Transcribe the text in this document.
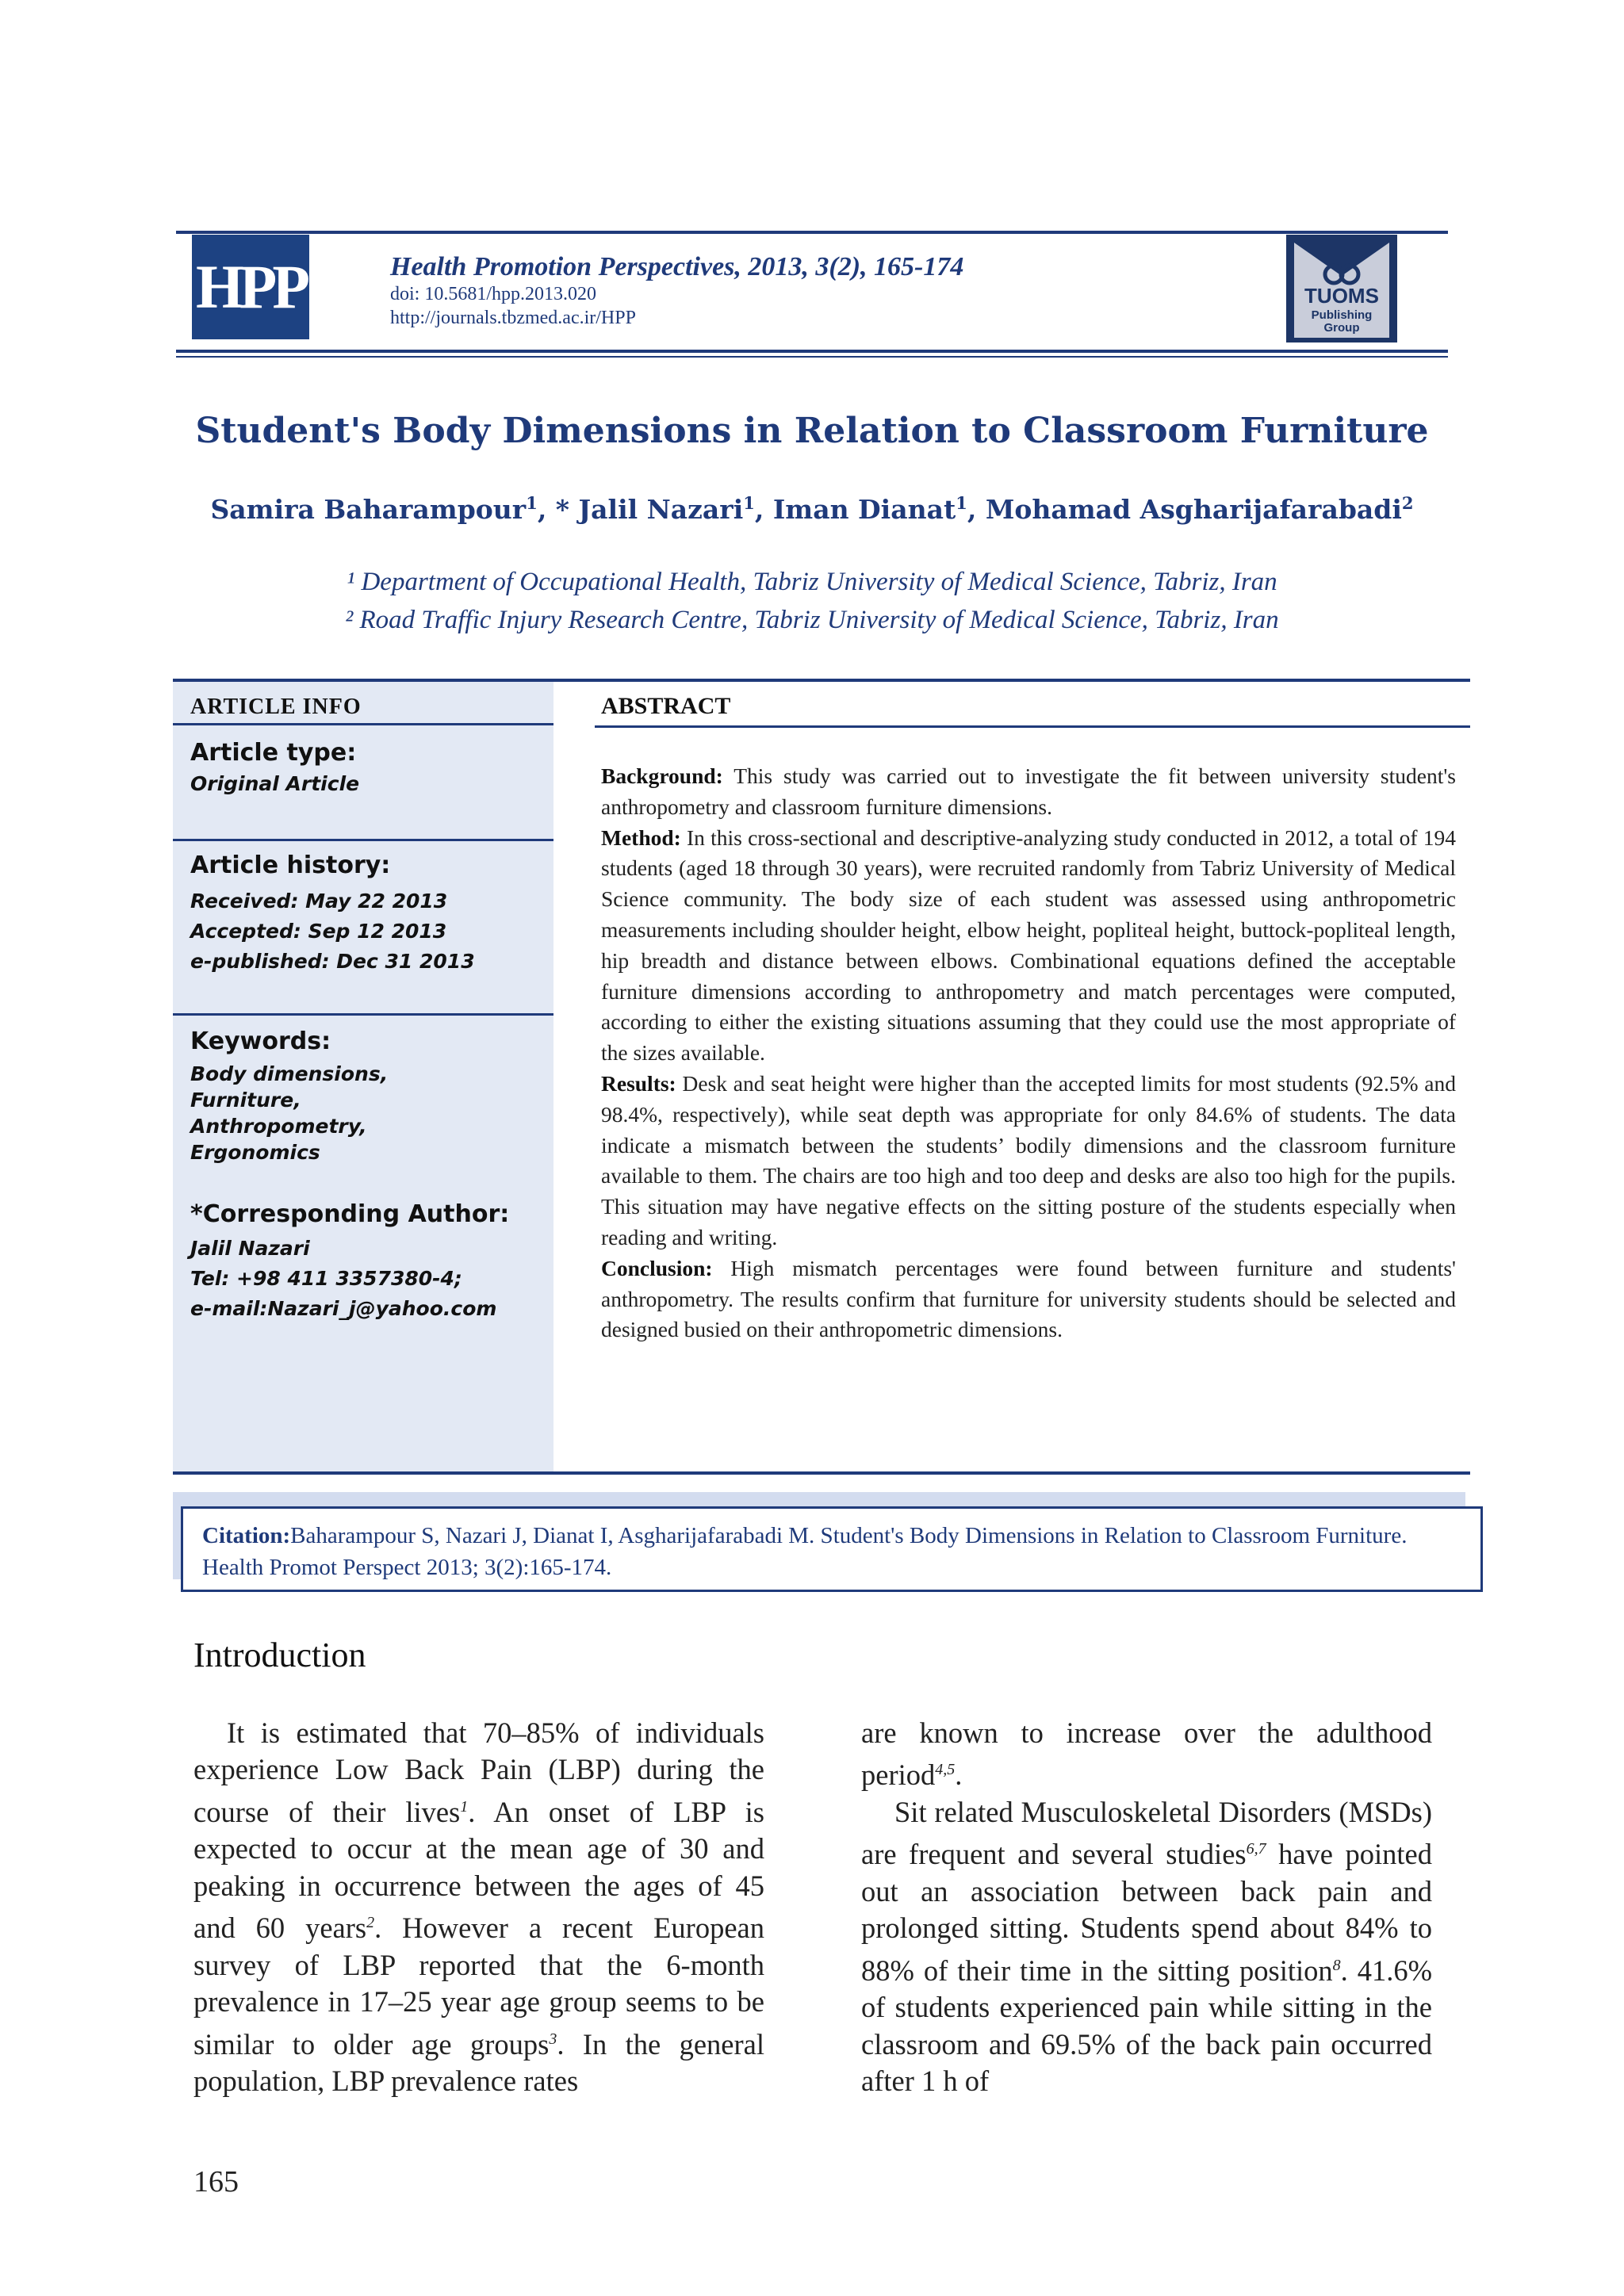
HPP	Health Promotion Perspectives, 2013, 3(2), 165-174
doi: 10.5681/hpp.2013.020
http://journals.tbzmed.ac.ir/HPP
TUOMS
Publishing
Group
Student's Body Dimensions in Relation to Classroom Furniture
Samira Baharampour$^1$, * Jalil Nazari$^1$, Iman Dianat$^1$, Mohamad Asgharijafarabadi$^2$
¹ Department of Occupational Health, Tabriz University of Medical Science, Tabriz, Iran
² Road Traffic Injury Research Centre, Tabriz University of Medical Science, Tabriz, Iran
Article type:
Original Article
Article history:
Received: May 22 2013
Accepted: Sep 12 2013
e-published: Dec 31 2013
Keywords:
Body dimensions,
Furniture,
Anthropometry,
Ergonomics
*Corresponding Author:
Jalil Nazari
Tel: +98 411 3357380-4;
e-mail:Nazari_j@yahoo.com
ARTICLE INFO	ABSTRACT

Background: This study was carried out to investigate the fit between university student's anthropometry and classroom furniture dimensions.

Method: In this cross-sectional and descriptive-analyzing study conducted in 2012, a total of 194 students (aged 18 through 30 years), were recruited randomly from Tabriz University of Medical Science community. The body size of each student was assessed using anthropometric measurements including shoulder height, elbow height, popliteal height, buttock-popliteal length, hip breadth and distance between elbows. Combinational equations defined the acceptable furniture dimensions according to anthropometry and match percentages were computed, according to either the existing situations assuming that they could use the most appropriate of the sizes available.

Results: Desk and seat height were higher than the accepted limits for most students (92.5% and 98.4%, respectively), while seat depth was appropriate for only 84.6% of students. The data indicate a mismatch between the students’ bodily dimensions and the classroom furniture available to them. The chairs are too high and too deep and desks are also too high for the pupils. This situation may have negative effects on the sitting posture of the students especially when reading and writing.

Conclusion: High mismatch percentages were found between furniture and students' anthropometry. The results confirm that furniture for university students should be selected and designed busied on their anthropometric dimensions.

Citation:Baharampour S, Nazari J, Dianat I, Asgharijafarabadi M. Student's Body Dimensions in Relation to Classroom Furniture. Health Promot Perspect 2013; 3(2):165-174.
Introduction

It is estimated that 70–85% of individuals experience Low Back Pain (LBP) during the course of their lives$^1$. An onset of LBP is expected to occur at the mean age of 30 and peaking in occurrence between the ages of 45 and 60 years$^2$. However a recent European survey of LBP reported that the 6-month prevalence in 17–25 year age group seems to be similar to older age groups$^3$. In the general population, LBP prevalence rates

are known to increase over the adulthood period$^{4,5}$.

Sit related Musculoskeletal Disorders (MSDs) are frequent and several studies$^{6,7}$ have pointed out an association between back pain and prolonged sitting. Students spend about 84% to 88% of their time in the sitting position$^8$. 41.6% of students experienced pain while sitting in the classroom and 69.5% of the back pain occurred after 1 h of

165
